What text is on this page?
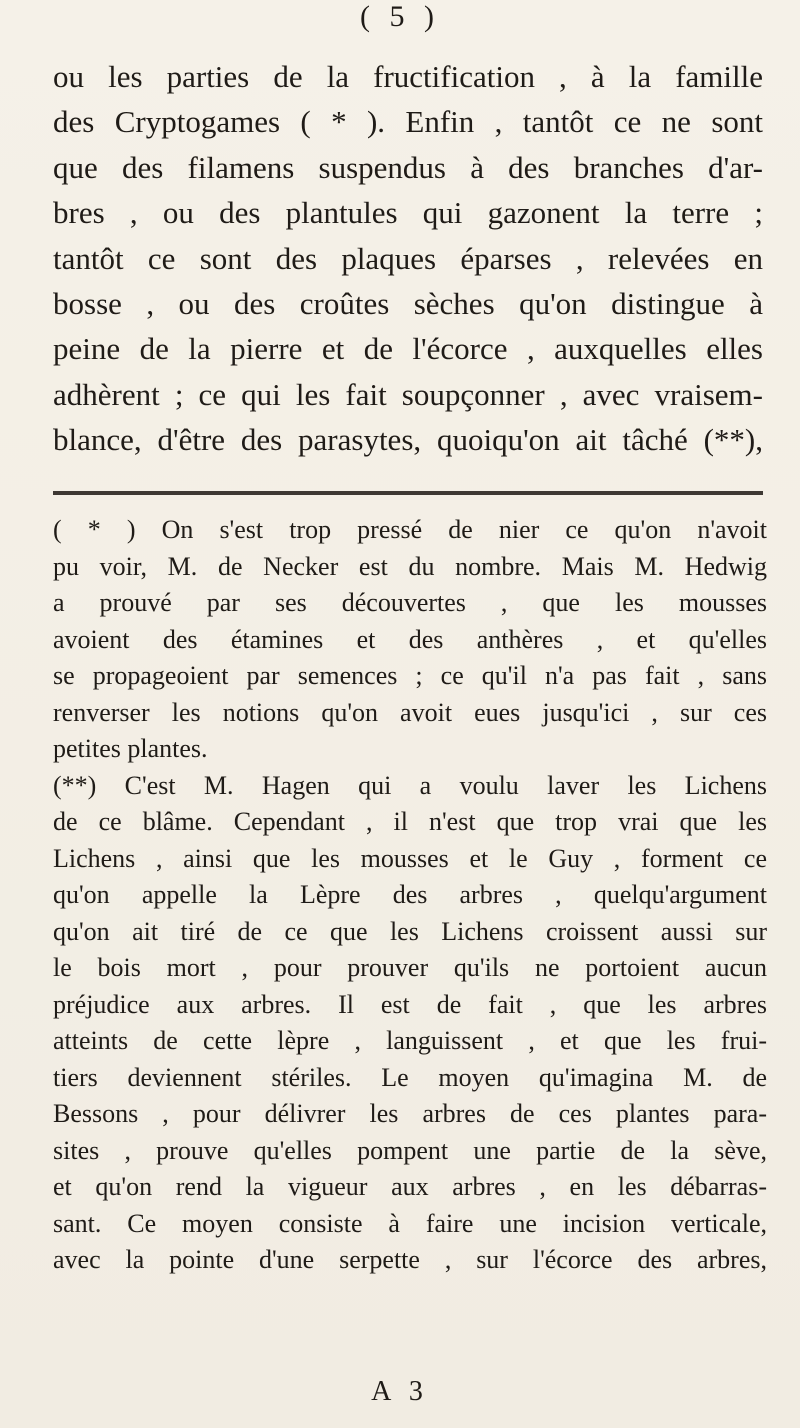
( 5 )
ou les parties de la fructification , à la famille
des Cryptogames ( * ). Enfin , tantôt ce ne sont
que des filamens suspendus à des branches d'ar-
bres , ou des plantules qui gazonent la terre ;
tantôt ce sont des plaques éparses , relevées en
bosse , ou des croûtes sèches qu'on distingue à
peine de la pierre et de l'écorce , auxquelles elles
adhèrent ; ce qui les fait soupçonner , avec vraisem-
blance, d'être des parasytes, quoiqu'on ait tâché (**),
( * ) On s'est trop pressé de nier ce qu'on n'avoit
pu voir, M. de Necker est du nombre. Mais M. Hedwig
a prouvé par ses découvertes , que les mousses
avoient des étamines et des anthères , et qu'elles
se propageoient par semences ; ce qu'il n'a pas fait , sans
renverser les notions qu'on avoit eues jusqu'ici , sur ces
petites plantes.
(**) C'est M. Hagen qui a voulu laver les Lichens
de ce blâme. Cependant , il n'est que trop vrai que les
Lichens , ainsi que les mousses et le Guy , forment ce
qu'on appelle la Lèpre des arbres , quelqu'argument
qu'on ait tiré de ce que les Lichens croissent aussi sur
le bois mort , pour prouver qu'ils ne portoient aucun
préjudice aux arbres. Il est de fait , que les arbres
atteints de cette lèpre , languissent , et que les frui-
tiers deviennent stériles. Le moyen qu'imagina M. de
Bessons , pour délivrer les arbres de ces plantes para-
sites , prouve qu'elles pompent une partie de la sève,
et qu'on rend la vigueur aux arbres , en les débarras-
sant. Ce moyen consiste à faire une incision verticale,
avec la pointe d'une serpette , sur l'écorce des arbres,
A 3
